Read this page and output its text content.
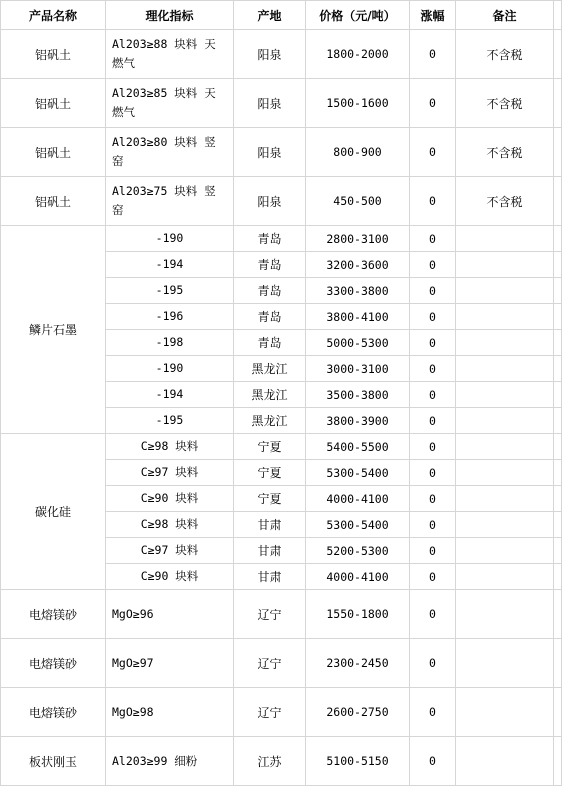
产品名称	理化指标	产地	价格（元/吨）	涨幅	备注	
铝矾土	Al203≥88 块料 天燃气	阳泉	1800-2000	0	不含税	
铝矾土	Al203≥85 块料 天燃气	阳泉	1500-1600	0	不含税	
铝矾土	Al203≥80 块料 竖窑	阳泉	800-900	0	不含税	
铝矾土	Al203≥75 块料 竖窑	阳泉	450-500	0	不含税	
鳞片石墨	-190	青岛	2800-3100	0		
	-194	青岛	3200-3600	0		
	-195	青岛	3300-3800	0		
	-196	青岛	3800-4100	0		
	-198	青岛	5000-5300	0		
	-190	黑龙江	3000-3100	0		
	-194	黑龙江	3500-3800	0		
	-195	黑龙江	3800-3900	0		
碳化硅	C≥98 块料	宁夏	5400-5500	0		
	C≥97 块料	宁夏	5300-5400	0		
	C≥90 块料	宁夏	4000-4100	0		
	C≥98 块料	甘肃	5300-5400	0		
	C≥97 块料	甘肃	5200-5300	0		
	C≥90 块料	甘肃	4000-4100	0		
电熔镁砂	MgO≥96	辽宁	1550-1800	0		
电熔镁砂	MgO≥97	辽宁	2300-2450	0		
电熔镁砂	MgO≥98	辽宁	2600-2750	0		
板状刚玉	Al203≥99 细粉	江苏	5100-5150	0		
